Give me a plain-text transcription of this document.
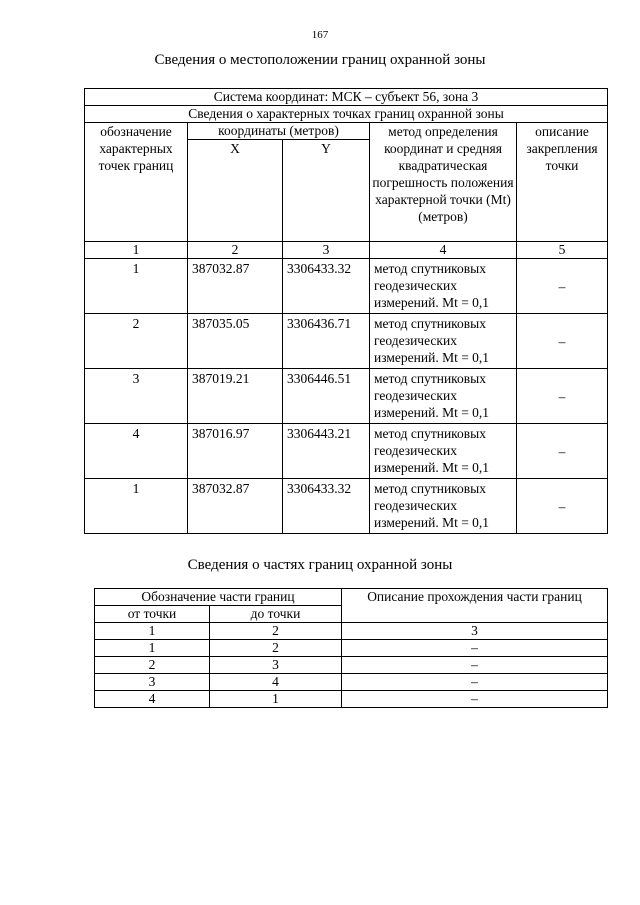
167
Сведения о местоположении границ охранной зоны
Система координат: МСК – субъект 56, зона 3				
Сведения о характерных точках границ охранной зоны				
обозначение характерных точек границ	координаты (метров)		метод определения координат и средняя квадратическая погрешность положения характерной точки (Mt) (метров)	описание закрепления точки
	X	Y		
1	2	3	4	5
1	387032.87	3306433.32	метод спутниковых геодезических измерений. Mt = 0,1	–
2	387035.05	3306436.71	метод спутниковых геодезических измерений. Mt = 0,1	–
3	387019.21	3306446.51	метод спутниковых геодезических измерений. Mt = 0,1	–
4	387016.97	3306443.21	метод спутниковых геодезических измерений. Mt = 0,1	–
1	387032.87	3306433.32	метод спутниковых геодезических измерений. Mt = 0,1	–
Сведения о частях границ охранной зоны
Обозначение части границ		Описание прохождения части границ
от точки	до точки	
1	2	3
1	2	–
2	3	–
3	4	–
4	1	–
